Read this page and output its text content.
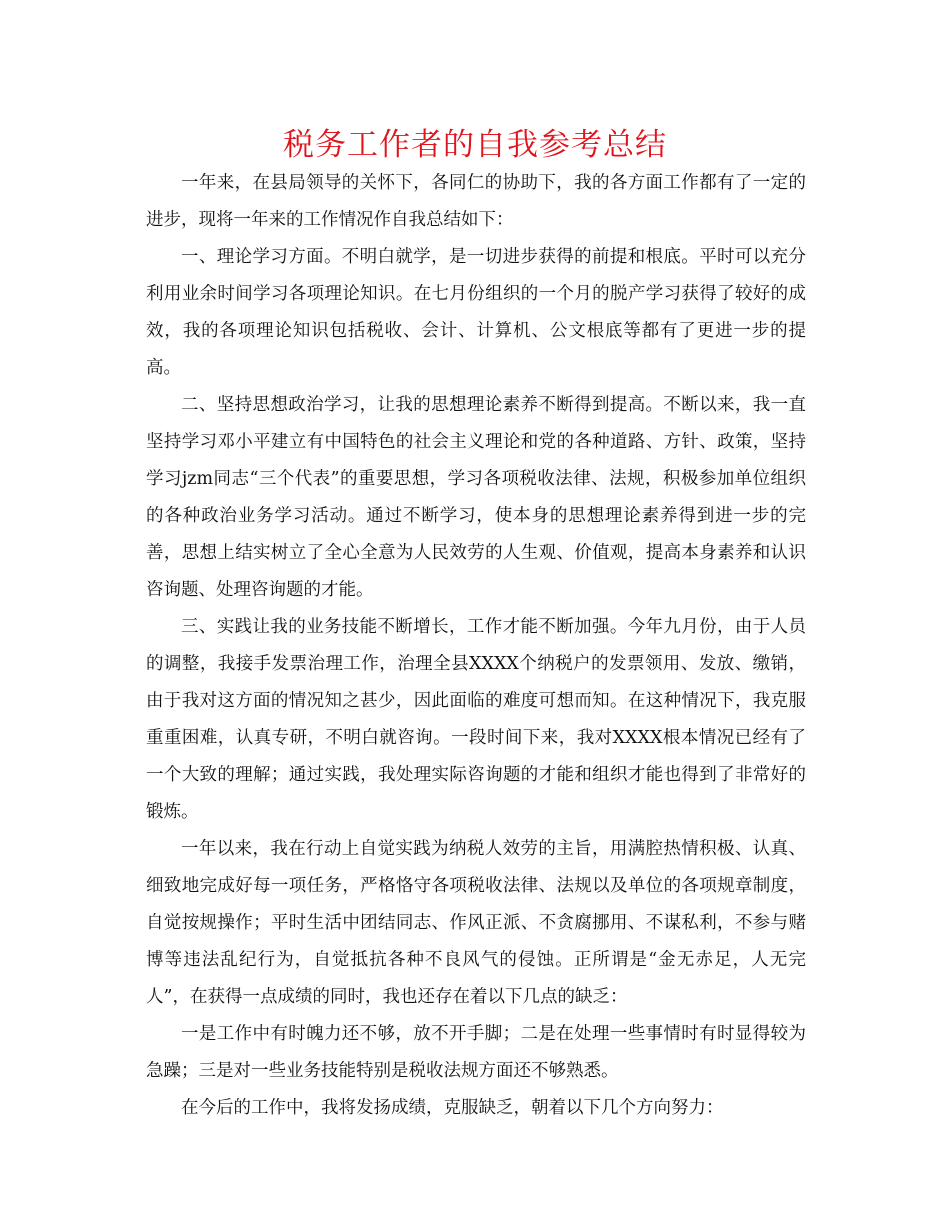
税务工作者的自我参考总结

一年来，在县局领导的关怀下，各同仁的协助下，我的各方面工作都有了一定的进步，现将一年来的工作情况作自我总结如下：

一、理论学习方面。不明白就学，是一切进步获得的前提和根底。平时可以充分利用业余时间学习各项理论知识。在七月份组织的一个月的脱产学习获得了较好的成效，我的各项理论知识包括税收、会计、计算机、公文根底等都有了更进一步的提高。

二、坚持思想政治学习，让我的思想理论素养不断得到提高。不断以来，我一直坚持学习邓小平建立有中国特色的社会主义理论和党的各种道路、方针、政策，坚持学习jzm同志“三个代表”的重要思想，学习各项税收法律、法规，积极参加单位组织的各种政治业务学习活动。通过不断学习，使本身的思想理论素养得到进一步的完善，思想上结实树立了全心全意为人民效劳的人生观、价值观，提高本身素养和认识咨询题、处理咨询题的才能。

三、实践让我的业务技能不断增长，工作才能不断加强。今年九月份，由于人员的调整，我接手发票治理工作，治理全县XXXX个纳税户的发票领用、发放、缴销，由于我对这方面的情况知之甚少，因此面临的难度可想而知。在这种情况下，我克服重重困难，认真专研，不明白就咨询。一段时间下来，我对XXXX根本情况已经有了一个大致的理解；通过实践，我处理实际咨询题的才能和组织才能也得到了非常好的锻炼。

一年以来，我在行动上自觉实践为纳税人效劳的主旨，用满腔热情积极、认真、细致地完成好每一项任务，严格恪守各项税收法律、法规以及单位的各项规章制度，自觉按规操作；平时生活中团结同志、作风正派、不贪腐挪用、不谋私利，不参与赌博等违法乱纪行为，自觉抵抗各种不良风气的侵蚀。正所谓是“金无赤足，人无完人”，在获得一点成绩的同时，我也还存在着以下几点的缺乏：

一是工作中有时魄力还不够，放不开手脚；二是在处理一些事情时有时显得较为急躁；三是对一些业务技能特别是税收法规方面还不够熟悉。

在今后的工作中，我将发扬成绩，克服缺乏，朝着以下几个方向努力：
